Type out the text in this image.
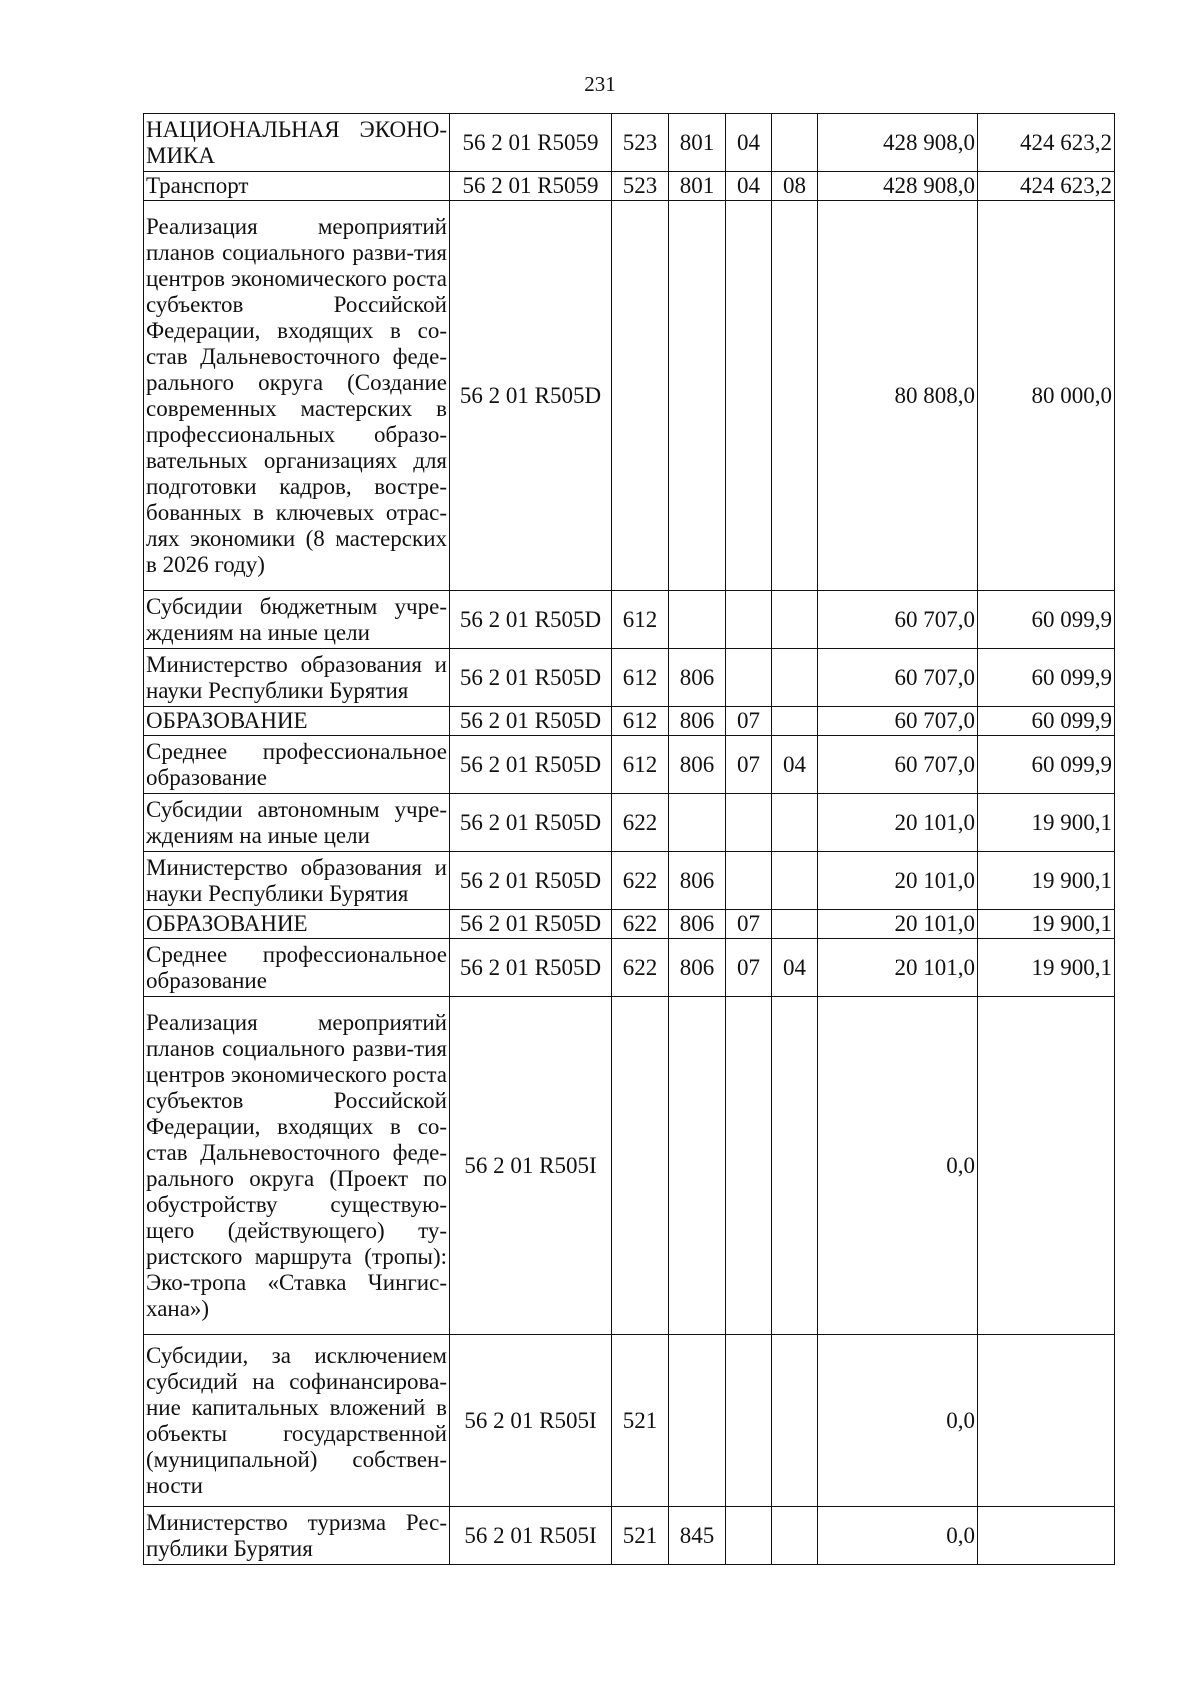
231
НАЦИОНАЛЬНАЯ ЭКОНО-МИКА	56 2 01 R5059	523	801	04		428 908,0	424 623,2
Транспорт	56 2 01 R5059	523	801	04	08	428 908,0	424 623,2
Реализация мероприятий планов социального разви-тия центров экономического роста субъектов Российской Федерации, входящих в со-став Дальневосточного феде-рального округа (Создание современных мастерских в профессиональных образо-вательных организациях для подготовки кадров, востре-бованных в ключевых отрас-лях экономики (8 мастерских в 2026 году)	56 2 01 R505D					80 808,0	80 000,0
Субсидии бюджетным учре-ждениям на иные цели	56 2 01 R505D	612				60 707,0	60 099,9
Министерство образования и науки Республики Бурятия	56 2 01 R505D	612	806			60 707,0	60 099,9
ОБРАЗОВАНИЕ	56 2 01 R505D	612	806	07		60 707,0	60 099,9
Среднее профессиональное образование	56 2 01 R505D	612	806	07	04	60 707,0	60 099,9
Субсидии автономным учре-ждениям на иные цели	56 2 01 R505D	622				20 101,0	19 900,1
Министерство образования и науки Республики Бурятия	56 2 01 R505D	622	806			20 101,0	19 900,1
ОБРАЗОВАНИЕ	56 2 01 R505D	622	806	07		20 101,0	19 900,1
Среднее профессиональное образование	56 2 01 R505D	622	806	07	04	20 101,0	19 900,1
Реализация мероприятий планов социального разви-тия центров экономического роста субъектов Российской Федерации, входящих в со-став Дальневосточного феде-рального округа (Проект по обустройству существую-щего (действующего) ту-ристского маршрута (тропы): Эко-тропа «Ставка Чингис-хана»)	56 2 01 R505I					0,0	
Субсидии, за исключением субсидий на софинансирова-ние капитальных вложений в объекты государственной (муниципальной) собствен-ности	56 2 01 R505I	521				0,0	
Министерство туризма Рес-публики Бурятия	56 2 01 R505I	521	845			0,0	
